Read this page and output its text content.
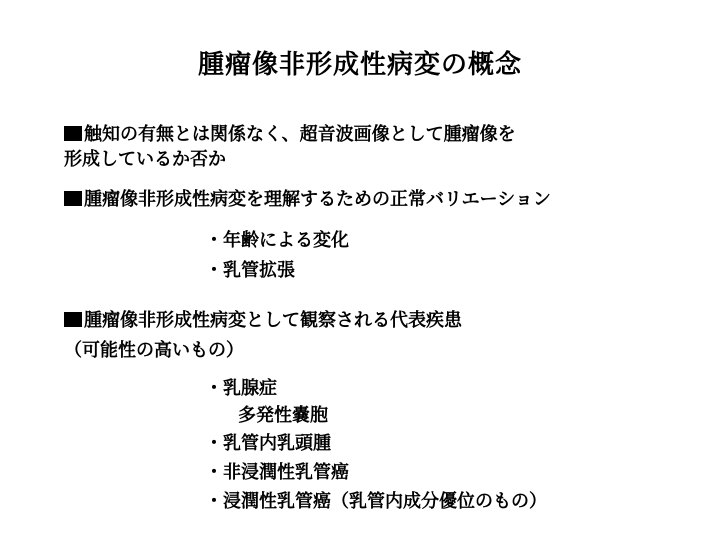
腫瘤像非形成性病変の概念
触知の有無とは関係なく、超音波画像として腫瘤像を
形成しているか否か
腫瘤像非形成性病変を理解するための正常バリエーション
・年齢による変化
・乳管拡張
腫瘤像非形成性病変として観察される代表疾患
（可能性の高いもの）
・乳腺症
多発性嚢胞
・乳管内乳頭腫
・非浸潤性乳管癌
・浸潤性乳管癌（乳管内成分優位のもの）
